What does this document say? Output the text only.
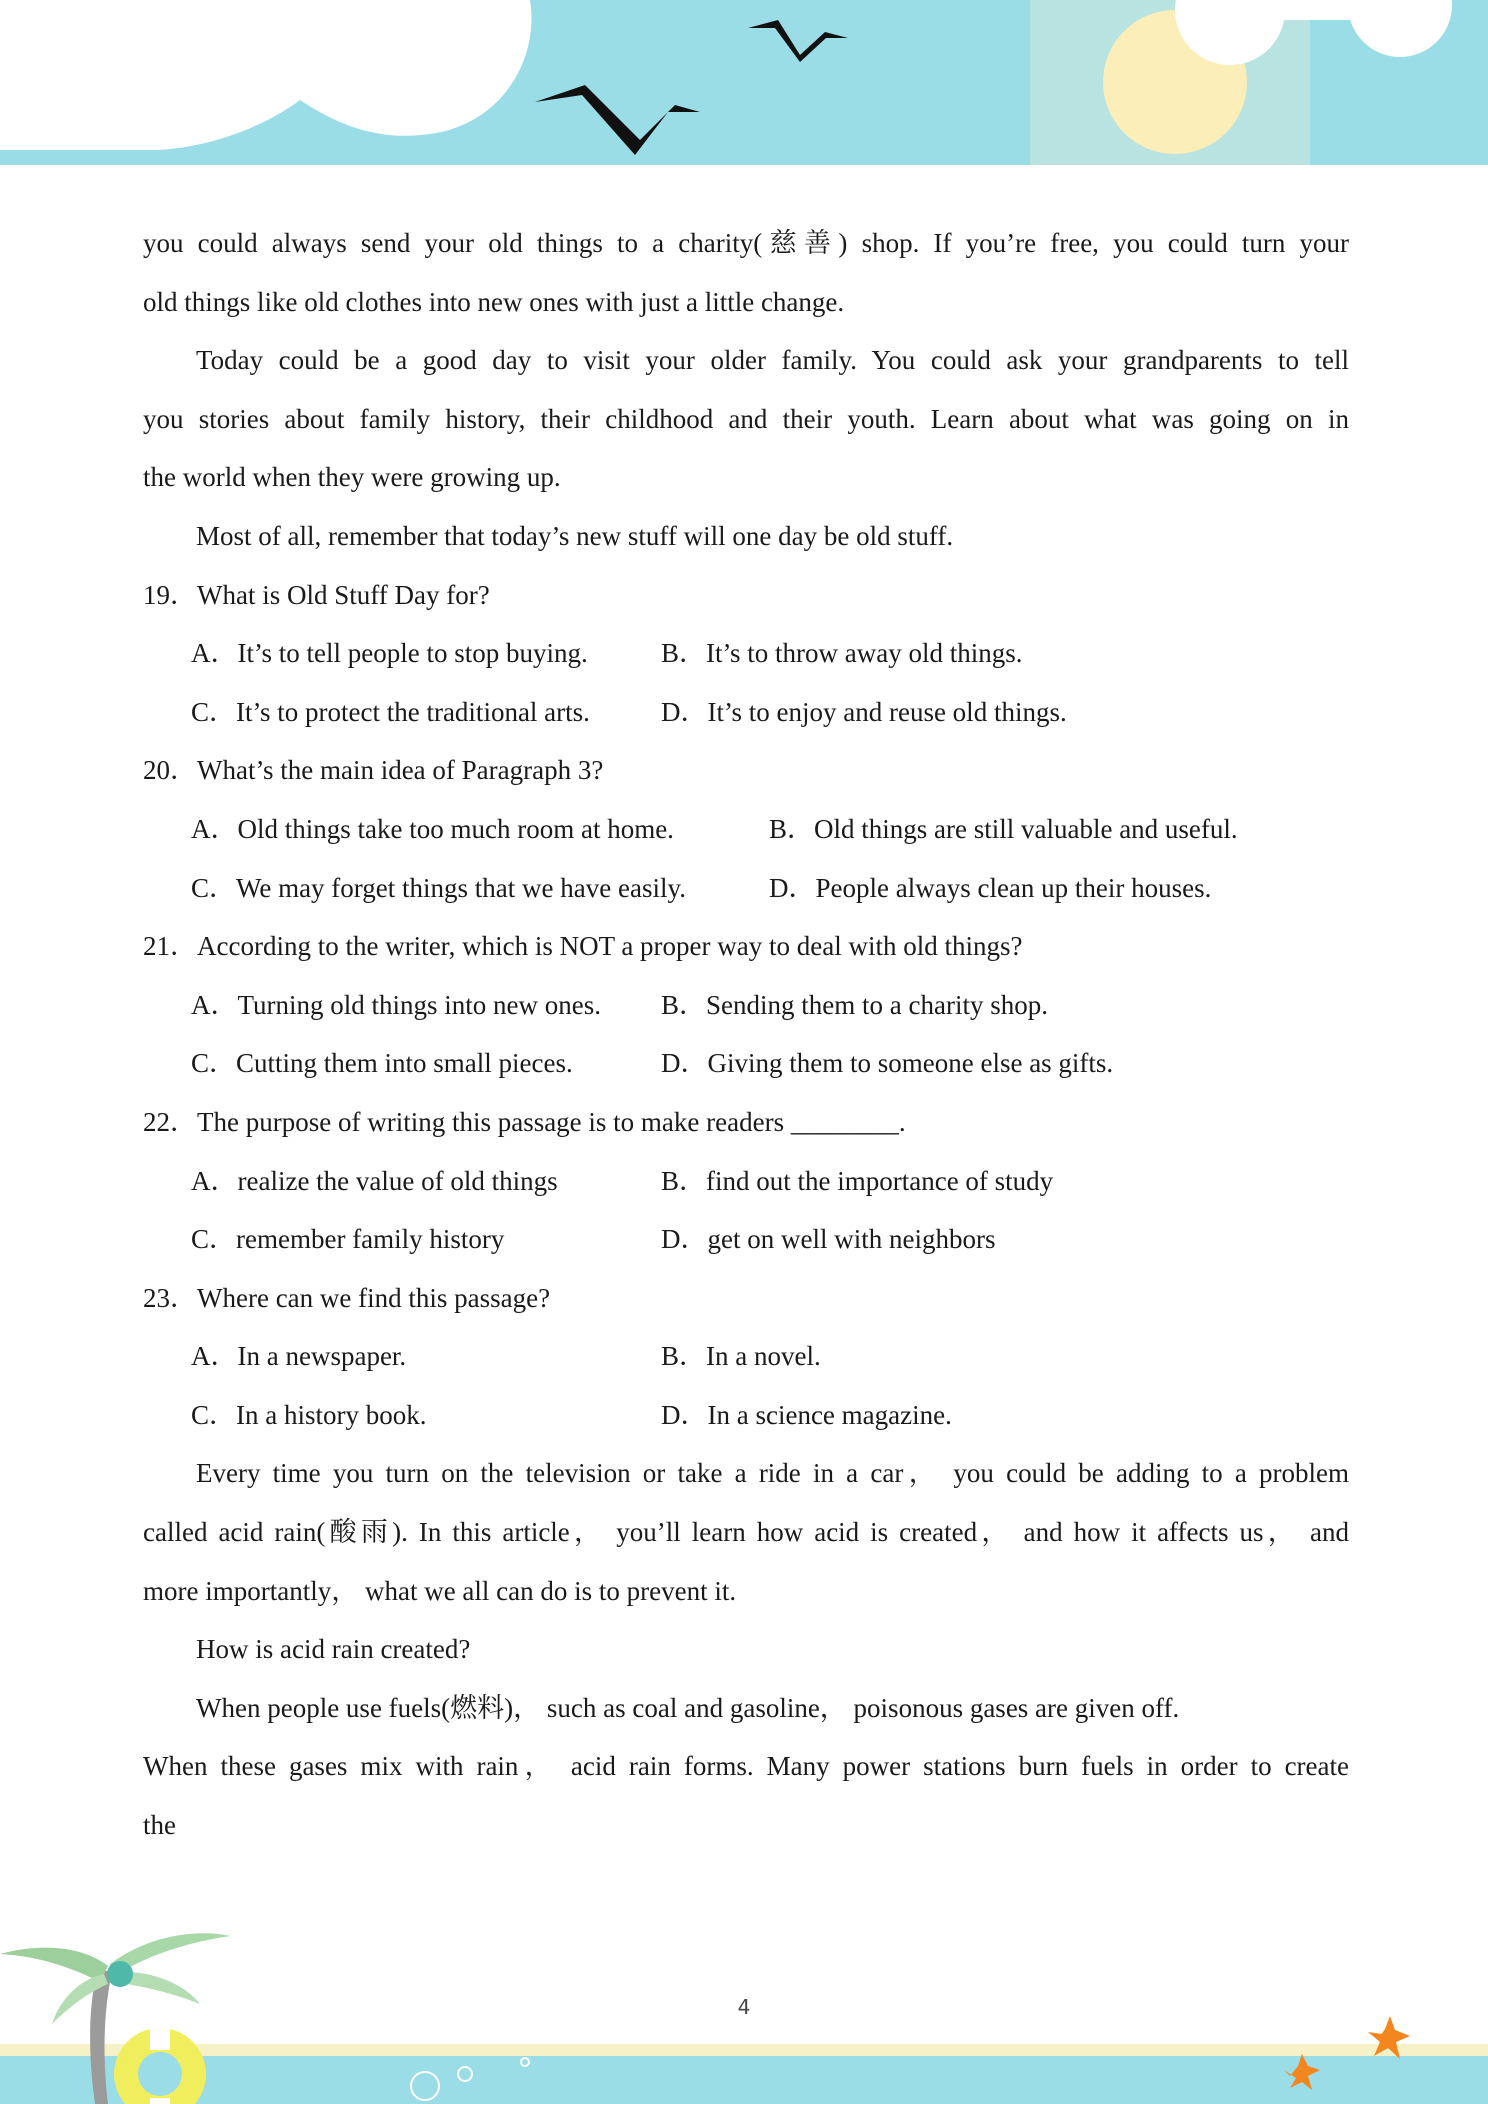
you could always send your old things to a charity(慈善) shop. If you’re free, you could turn your
old things like old clothes into new ones with just a little change.
Today could be a good day to visit your older family. You could ask your grandparents to tell
you stories about family history, their childhood and their youth. Learn about what was going on in
the world when they were growing up.
Most of all, remember that today’s new stuff will one day be old stuff.
19．What is Old Stuff Day for?
A．It’s to tell people to stop buying.	B．It’s to throw away old things.
C．It’s to protect the traditional arts.	D．It’s to enjoy and reuse old things.
20．What’s the main idea of Paragraph 3?
A．Old things take too much room at home.	B．Old things are still valuable and useful.
C．We may forget things that we have easily.	D．People always clean up their houses.
21．According to the writer, which is NOT a proper way to deal with old things?
A．Turning old things into new ones. B．Sending them to a charity shop.
C．Cutting them into small pieces.	D．Giving them to someone else as gifts.
22．The purpose of writing this passage is to make readers ________.
A．realize the value of old things	B．find out the importance of study
C．remember family history	D．get on well with neighbors
23．Where can we find this passage?
A．In a newspaper.	B．In a novel.
C．In a history book.	D．In a science magazine.
Every time you turn on the television or take a ride in a car， you could be adding to a problem
called acid rain(酸雨). In this article， you’ll learn how acid is created， and how it affects us， and
more importantly， what we all can do is to prevent it.
How is acid rain created?
When people use fuels(燃料)， such as coal and gasoline， poisonous gases are given off.
When these gases mix with rain， acid rain forms. Many power stations burn fuels in order to create
the
4
